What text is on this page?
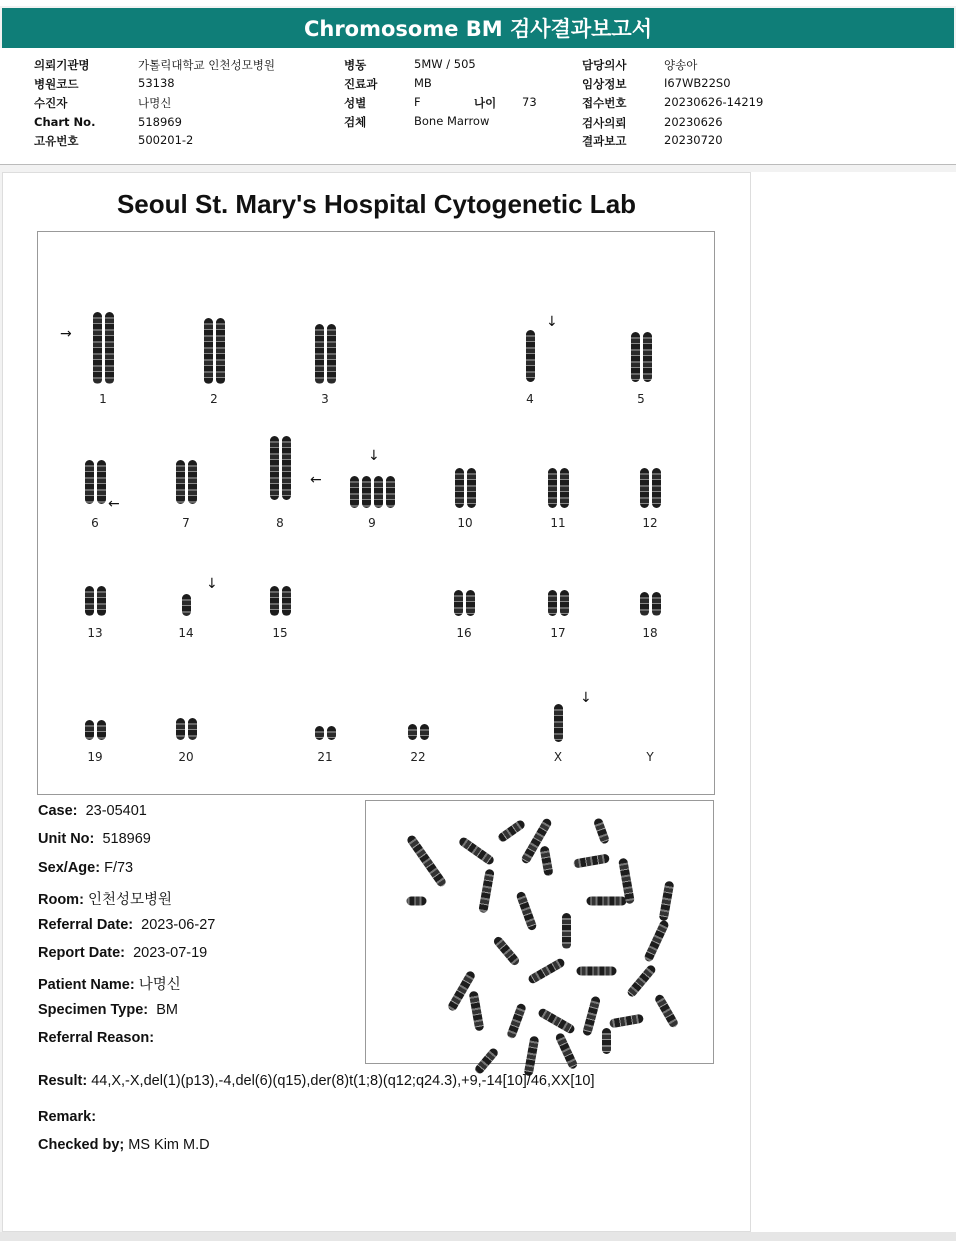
Chromosome BM 검사결과보고서
의뢰기관명	가톨릭대학교 인천성모병원
병원코드	53138
수진자	나명신
Chart No.	518969
고유번호	500201-2
병동	5MW / 505
진료과	MB
성별	F	나이 73
검체	Bone Marrow
담당의사	양송아
임상정보	I67WB22S0
접수번호	20230626-14219
검사의뢰	20230626
결과보고	20230720
Seoul St. Mary's Hospital Cytogenetic Lab
→
↓
←
←
↓
↓
↓
1	2	3	4	5
6	7	8	9	10	11	12
13	14	15	16	17	18
19	20	21	22	X	Y
Case: 23-05401
Unit No: 518969
Sex/Age: F/73
Room: 인천성모병원
Referral Date: 2023-06-27
Report Date: 2023-07-19
Patient Name: 나명신
Specimen Type: BM
Referral Reason:
Result: 44,X,-X,del(1)(p13),-4,del(6)(q15),der(8)t(1;8)(q12;q24.3),+9,-14[10]/46,XX[10]
Remark:
Checked by; MS Kim M.D
